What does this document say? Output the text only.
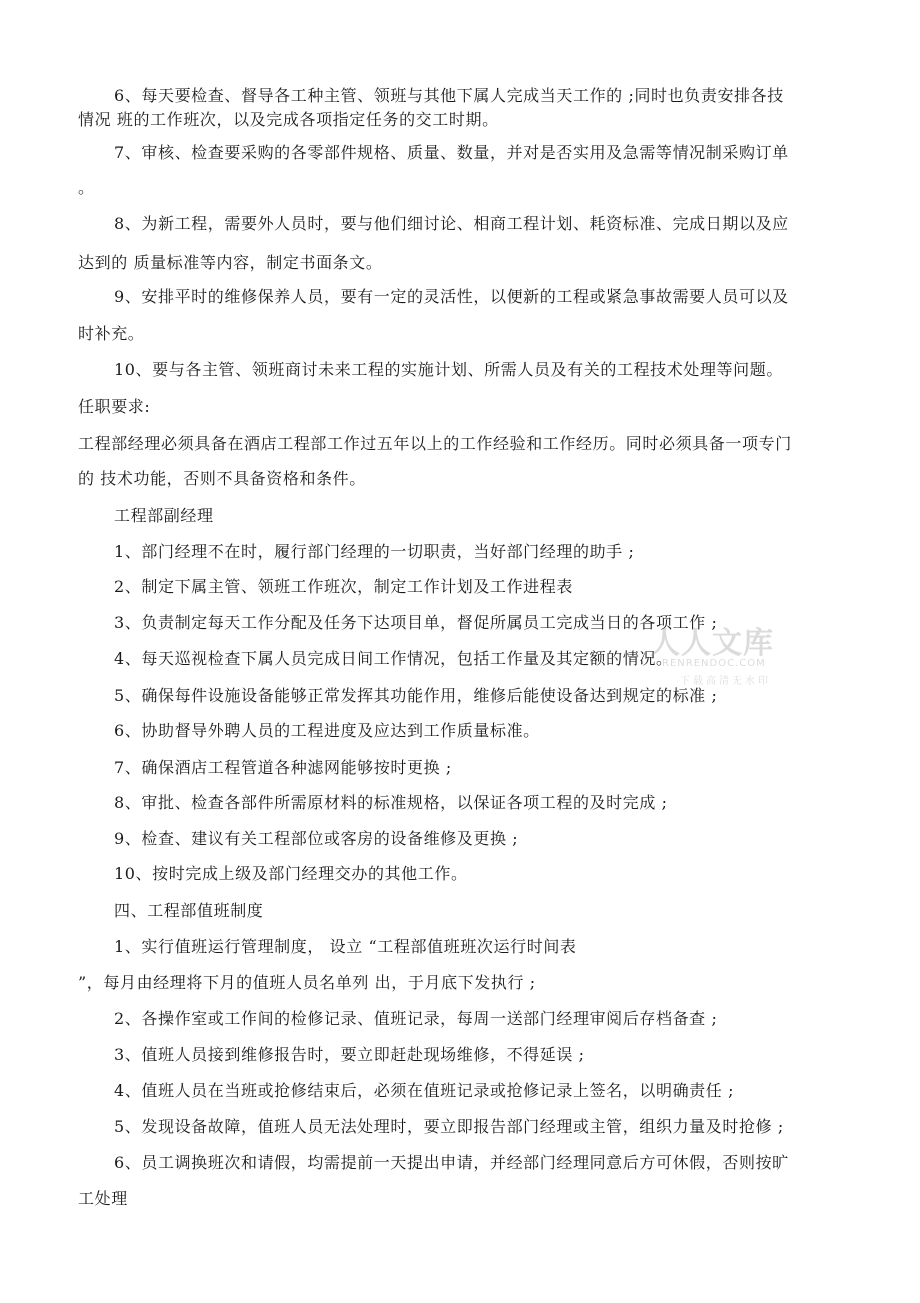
6、每天要检查、督导各工种主管、领班与其他下属人完成当天工作的 ;同时也负责安排各技
情况 班的工作班次，以及完成各项指定任务的交工时期。
7、审核、检查要采购的各零部件规格、质量、数量，并对是否实用及急需等情况制采购订单
。
8、为新工程，需要外人员时，要与他们细讨论、相商工程计划、耗资标准、完成日期以及应
达到的 质量标准等内容，制定书面条文。
9、安排平时的维修保养人员，要有一定的灵活性，以便新的工程或紧急事故需要人员可以及
时补充。
10、要与各主管、领班商讨未来工程的实施计划、所需人员及有关的工程技术处理等问题。
任职要求:
工程部经理必须具备在酒店工程部工作过五年以上的工作经验和工作经历。同时必须具备一项专门
的 技术功能，否则不具备资格和条件。
工程部副经理
1、部门经理不在时，履行部门经理的一切职责，当好部门经理的助手 ;
2、制定下属主管、领班工作班次，制定工作计划及工作进程表
3、负责制定每天工作分配及任务下达项目单，督促所属员工完成当日的各项工作 ;
4、每天巡视检查下属人员完成日间工作情况，包括工作量及其定额的情况。
5、确保每件设施设备能够正常发挥其功能作用，维修后能使设备达到规定的标准 ;
6、协助督导外聘人员的工程进度及应达到工作质量标准。
7、确保酒店工程管道各种滤网能够按时更换 ;
8、审批、检查各部件所需原材料的标准规格，以保证各项工程的及时完成 ;
9、检查、建议有关工程部位或客房的设备维修及更换 ;
10、按时完成上级及部门经理交办的其他工作。
四、工程部值班制度
1、实行值班运行管理制度， 设立 “工程部值班班次运行时间表
”，每月由经理将下月的值班人员名单列 出，于月底下发执行 ;
2、各操作室或工作间的检修记录、值班记录，每周一送部门经理审阅后存档备查 ;
3、值班人员接到维修报告时，要立即赶赴现场维修，不得延误 ;
4、值班人员在当班或抢修结束后，必须在值班记录或抢修记录上签名，以明确责任 ;
5、发现设备故障，值班人员无法处理时，要立即报告部门经理或主管，组织力量及时抢修 ;
6、员工调换班次和请假，均需提前一天提出申请，并经部门经理同意后方可休假，否则按旷
工处理
人人文库
RENRENDOC.COM
下载高清无水印
